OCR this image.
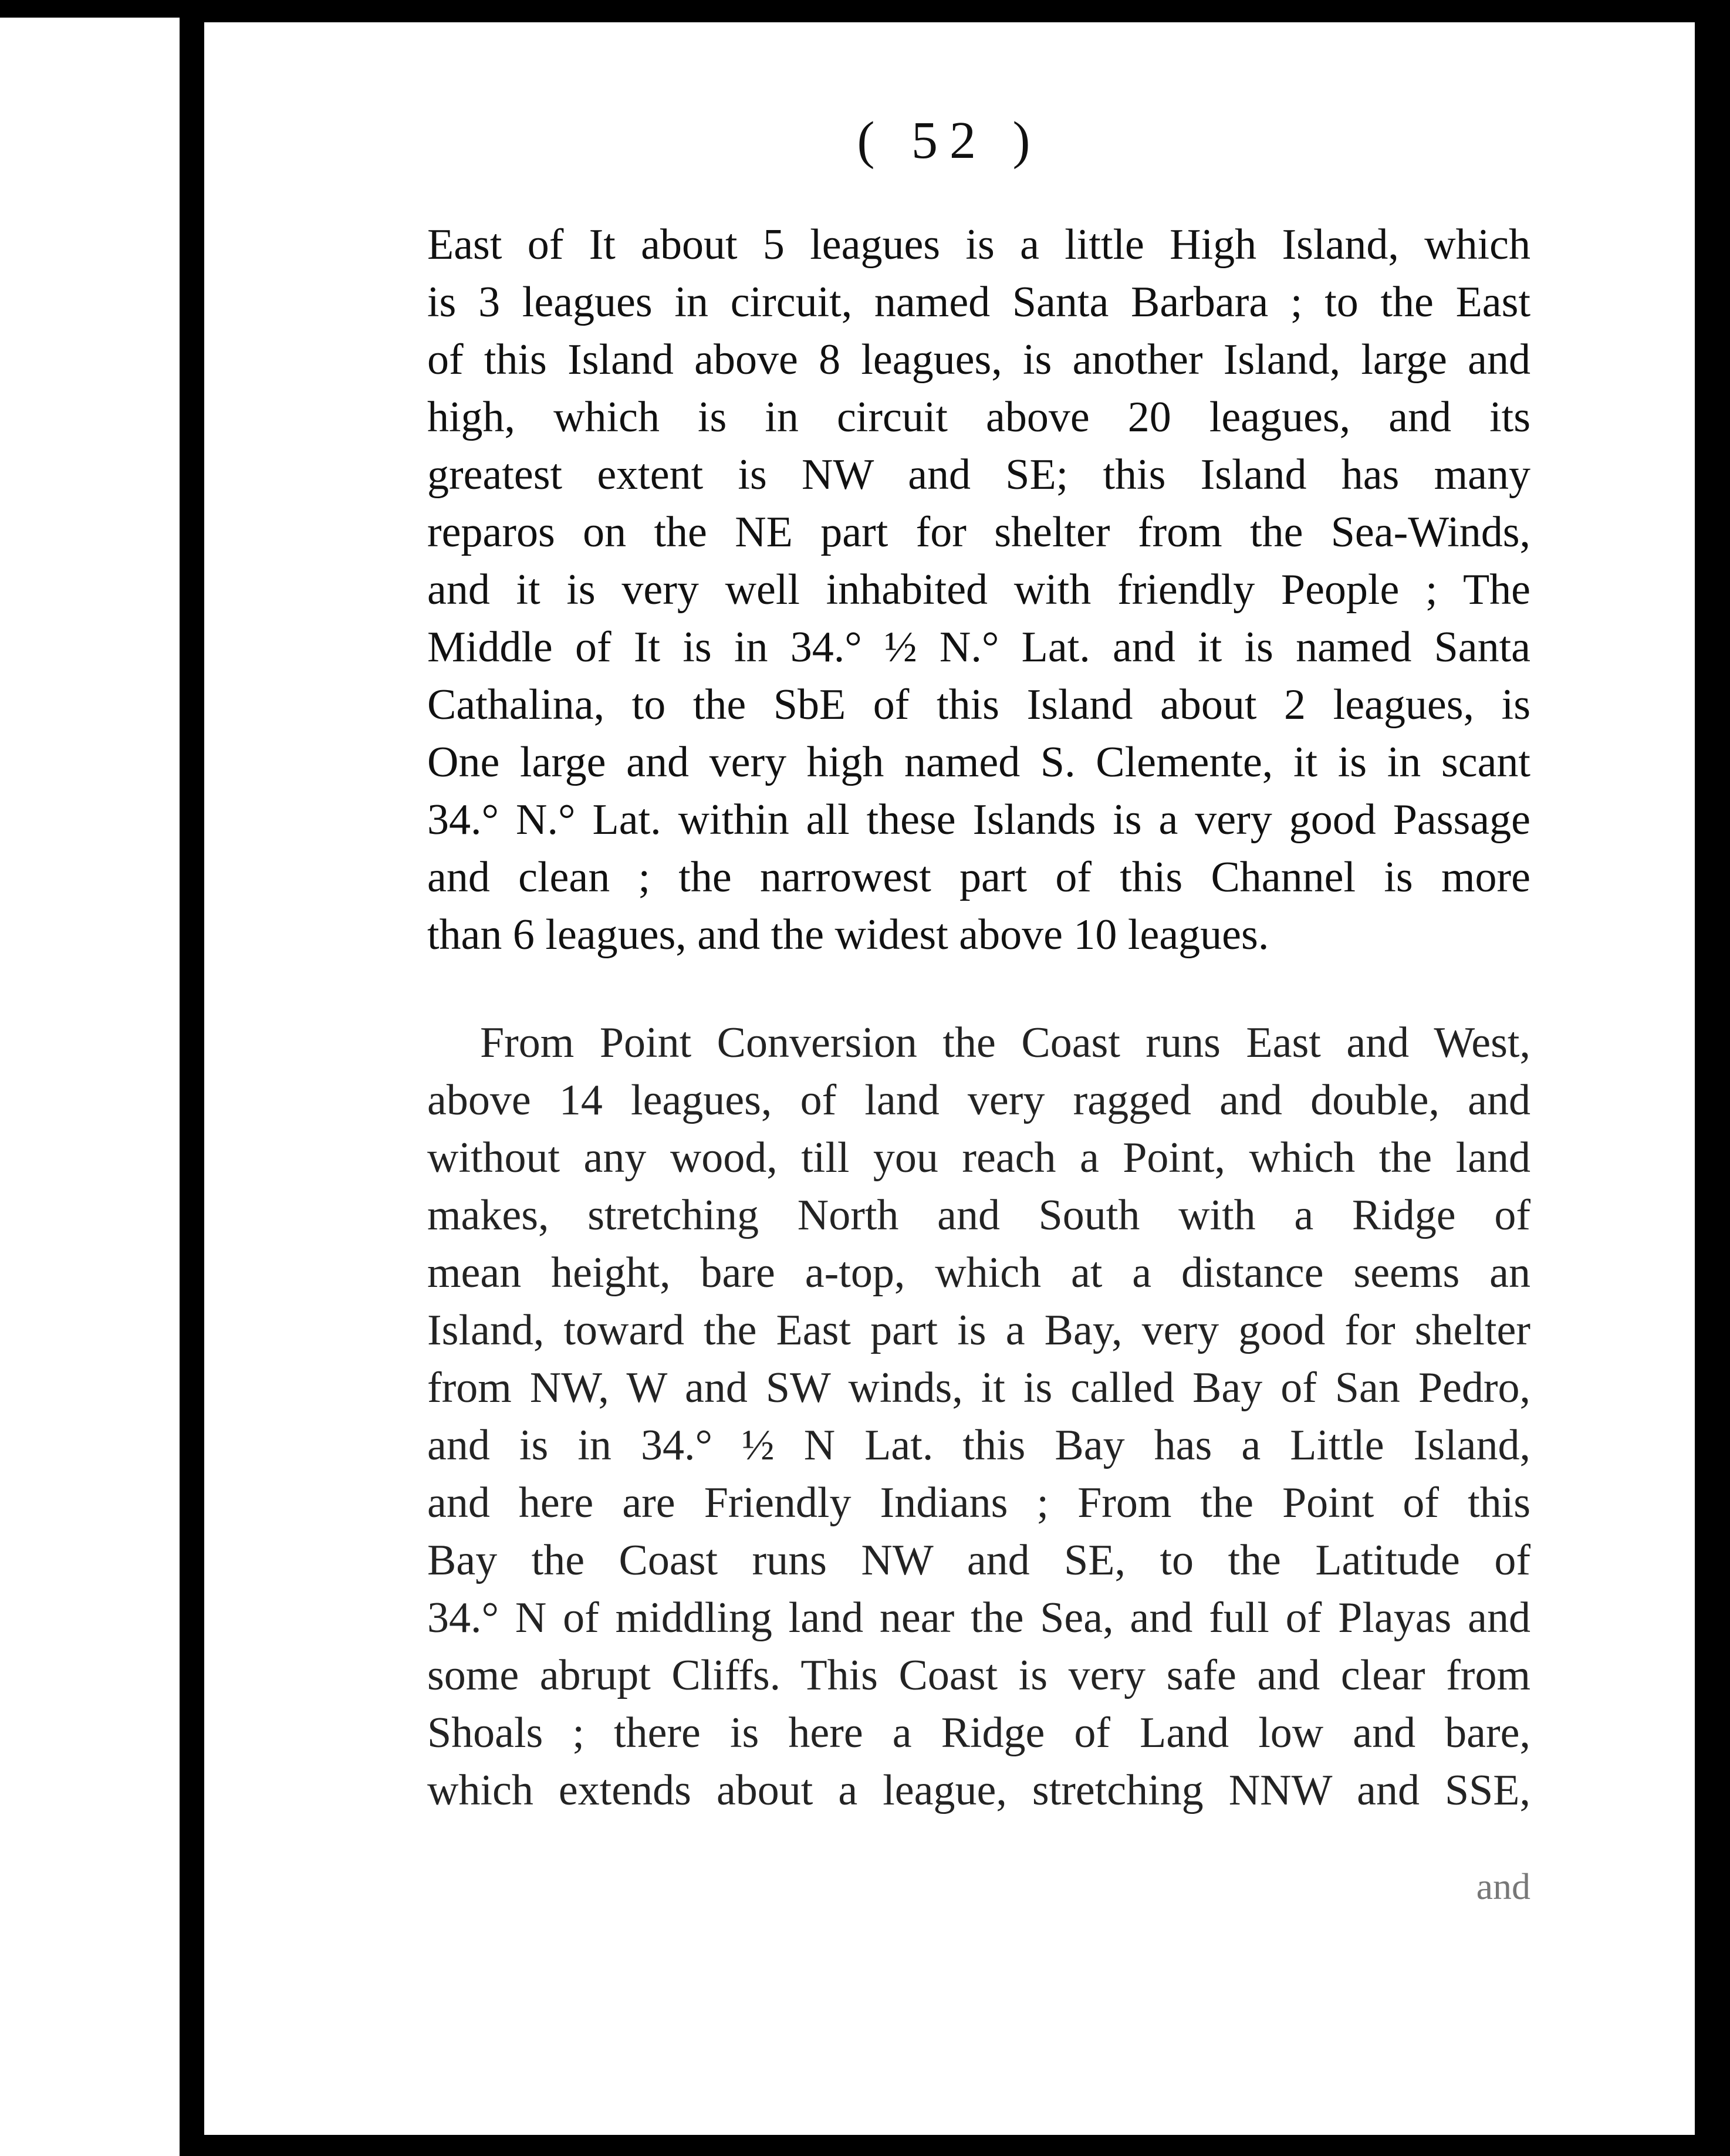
( 52 )
East of It about 5 leagues is a little High Island, which
is 3 leagues in circuit, named Santa Barbara ; to the East
of this Island above 8 leagues, is another Island, large and
high, which is in circuit above 20 leagues, and its
greatest extent is NW and SE; this Island has many
reparos on the NE part for shelter from the Sea-Winds,
and it is very well inhabited with friendly People ; The
Middle of It is in 34.° ½ N.° Lat. and it is named Santa
Cathalina, to the SbE of this Island about 2 leagues, is
One large and very high named S. Clemente, it is in scant
34.° N.° Lat. within all these Islands is a very good Passage
and clean ; the narrowest part of this Channel is more
than 6 leagues, and the widest above 10 leagues.
From Point Conversion the Coast runs East and West,
above 14 leagues, of land very ragged and double, and
without any wood, till you reach a Point, which the land
makes, stretching North and South with a Ridge of
mean height, bare a-top, which at a distance seems an
Island, toward the East part is a Bay, very good for shelter
from NW, W and SW winds, it is called Bay of San Pedro,
and is in 34.° ½ N Lat. this Bay has a Little Island,
and here are Friendly Indians ; From the Point of this
Bay the Coast runs NW and SE, to the Latitude of
34.° N of middling land near the Sea, and full of Playas and
some abrupt Cliffs. This Coast is very safe and clear from
Shoals ; there is here a Ridge of Land low and bare,
which extends about a league, stretching NNW and SSE,
and
